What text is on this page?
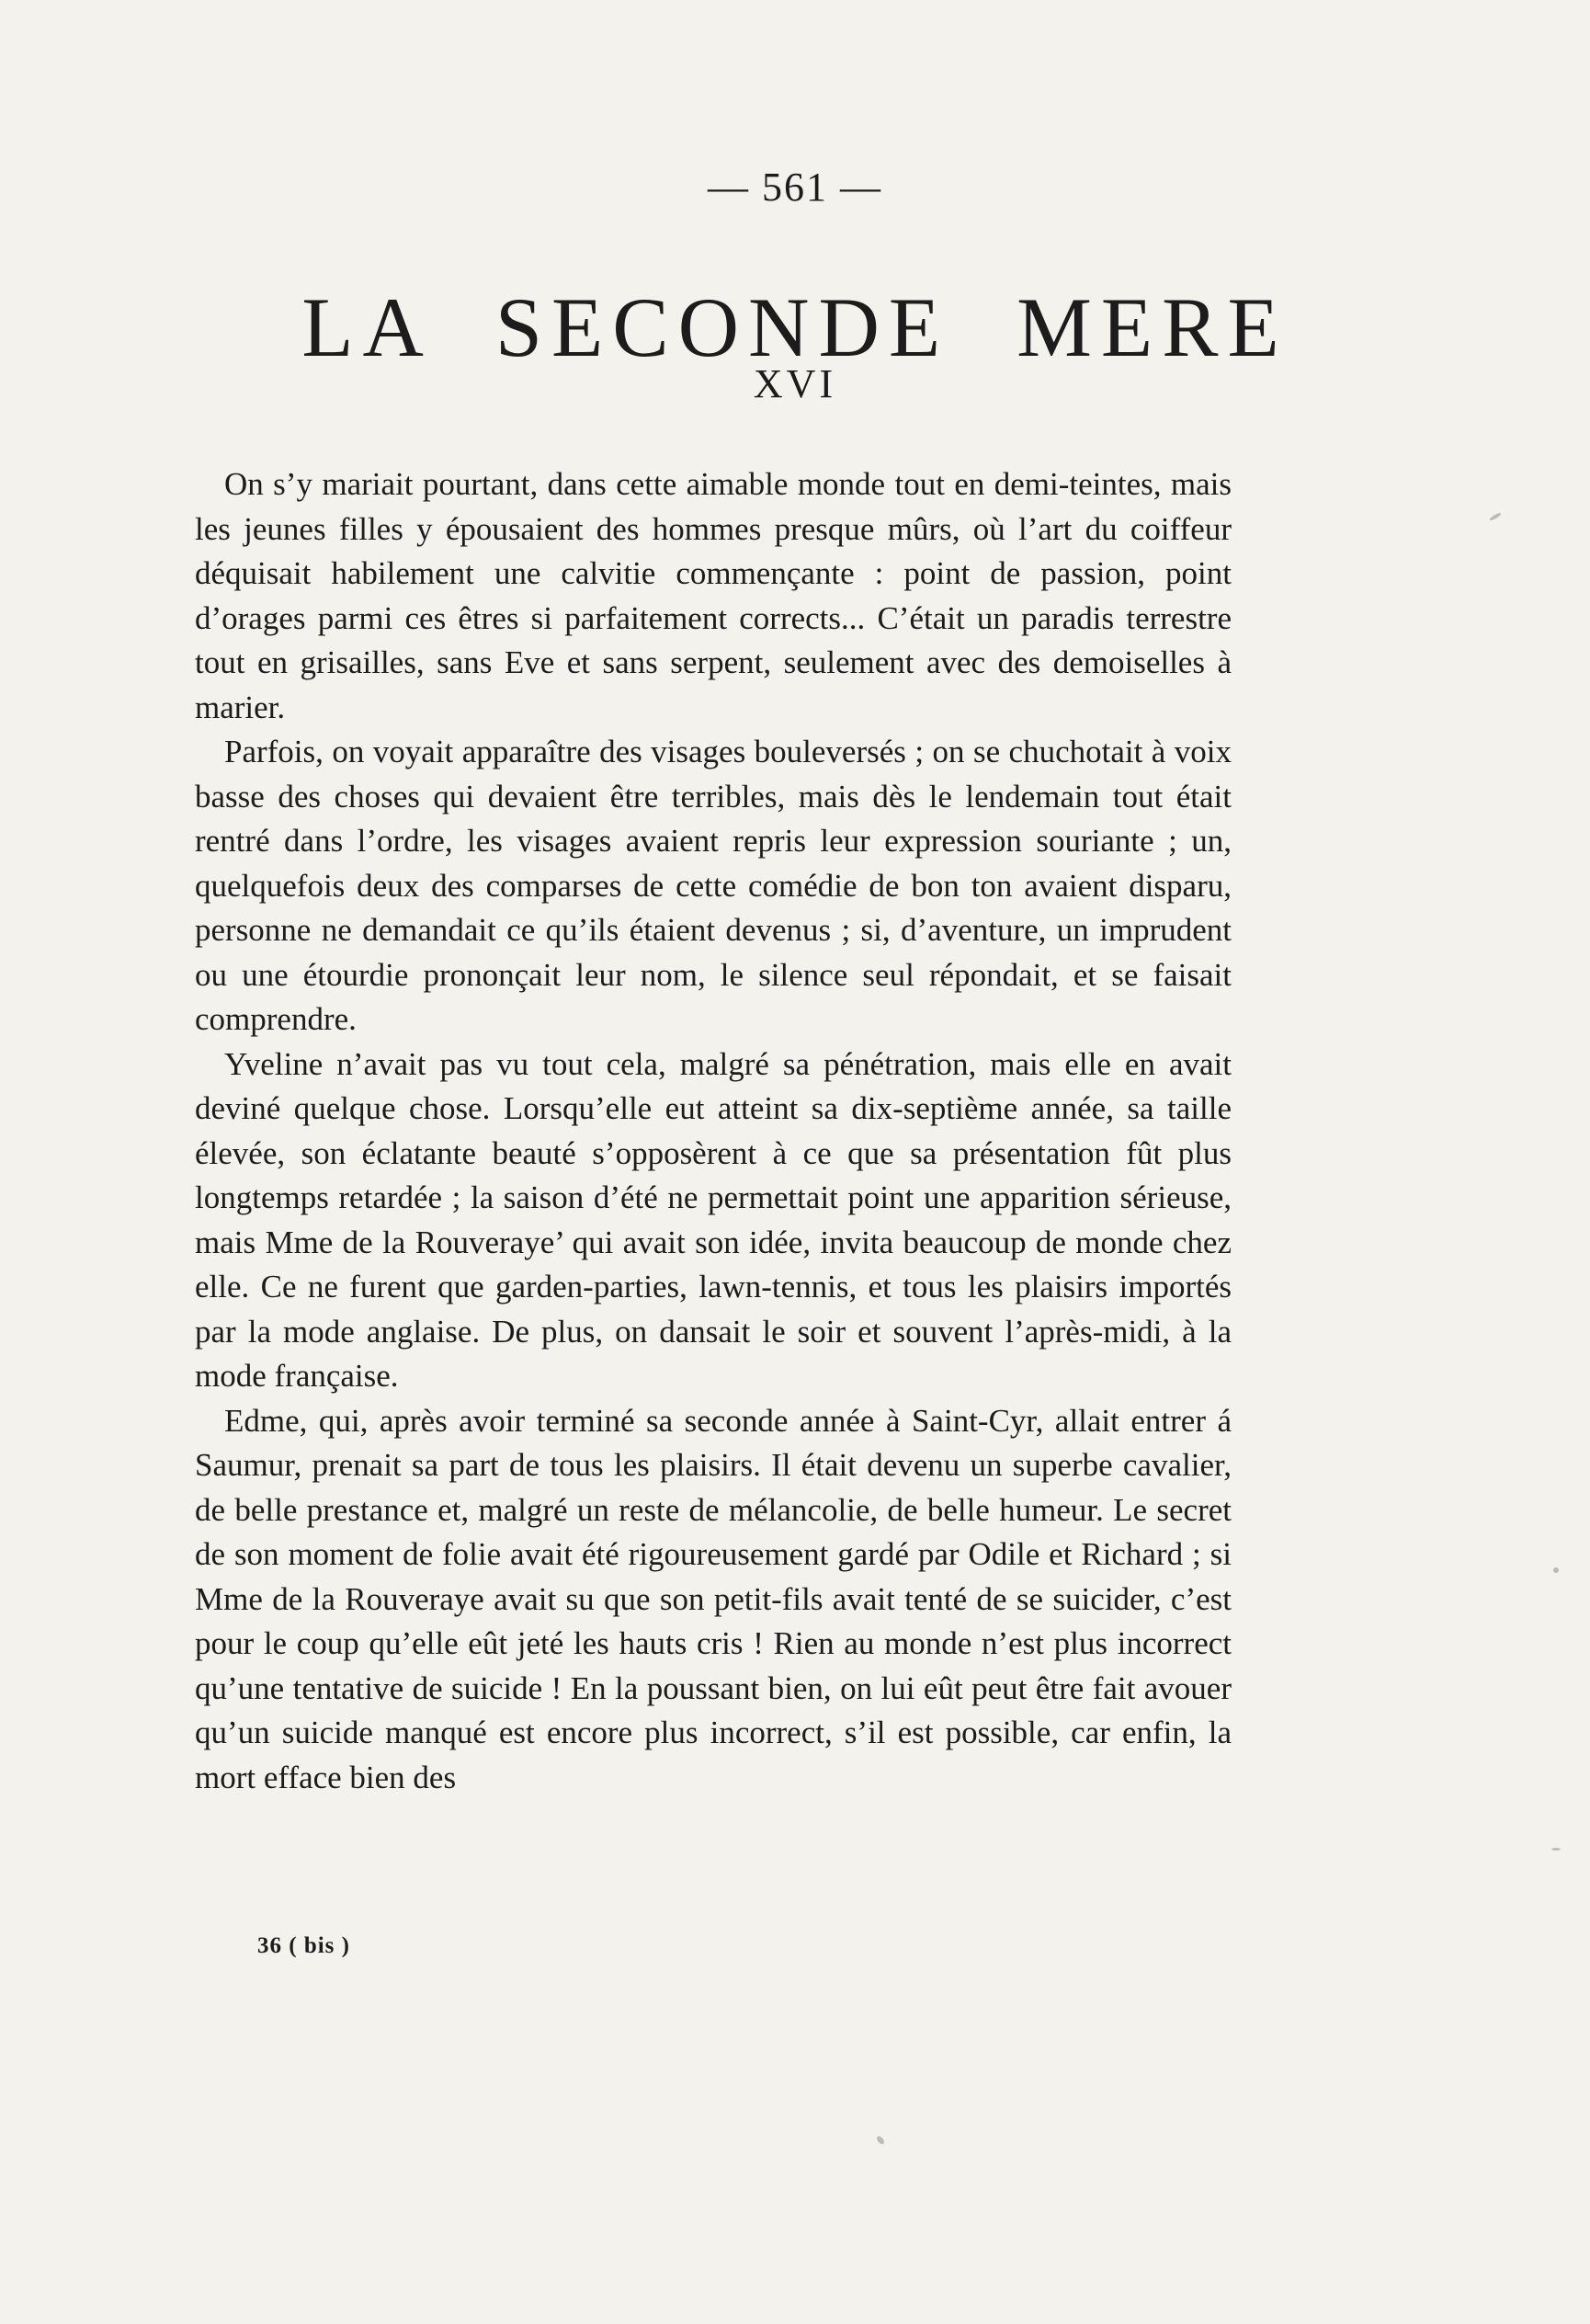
— 561 —
LA SECONDE MERE
XVI

On s’y mariait pourtant, dans cette aimable monde tout en demi-teintes, mais les jeunes filles y épousaient des hommes presque mûrs, où l’art du coiffeur déquisait habilement une calvitie commençante : point de passion, point d’orages parmi ces êtres si parfaitement corrects... C’était un paradis terrestre tout en grisailles, sans Eve et sans serpent, seulement avec des demoiselles à marier.

Parfois, on voyait apparaître des visages bouleversés ; on se chuchotait à voix basse des choses qui devaient être terribles, mais dès le lendemain tout était rentré dans l’ordre, les visages avaient repris leur expression souriante ; un, quelquefois deux des comparses de cette comédie de bon ton avaient disparu, personne ne demandait ce qu’ils étaient devenus ; si, d’aventure, un imprudent ou une étourdie prononçait leur nom, le silence seul répondait, et se faisait comprendre.

Yveline n’avait pas vu tout cela, malgré sa pénétration, mais elle en avait deviné quelque chose. Lorsqu’elle eut atteint sa dix-septième année, sa taille élevée, son éclatante beauté s’opposèrent à ce que sa présentation fût plus longtemps retardée ; la saison d’été ne permettait point une apparition sérieuse, mais Mme de la Rouveraye’ qui avait son idée, invita beaucoup de monde chez elle. Ce ne furent que garden-parties, lawn-tennis, et tous les plaisirs importés par la mode anglaise. De plus, on dansait le soir et souvent l’après-midi, à la mode française.

Edme, qui, après avoir terminé sa seconde année à Saint-Cyr, allait entrer á Saumur, prenait sa part de tous les plaisirs. Il était devenu un superbe cavalier, de belle prestance et, malgré un reste de mélancolie, de belle humeur. Le secret de son moment de folie avait été rigoureusement gardé par Odile et Richard ; si Mme de la Rouveraye avait su que son petit-fils avait tenté de se suicider, c’est pour le coup qu’elle eût jeté les hauts cris ! Rien au monde n’est plus incorrect qu’une tentative de suicide ! En la poussant bien, on lui eût peut être fait avouer qu’un suicide manqué est encore plus incorrect, s’il est possible, car enfin, la mort efface bien des

36 ( bis )
